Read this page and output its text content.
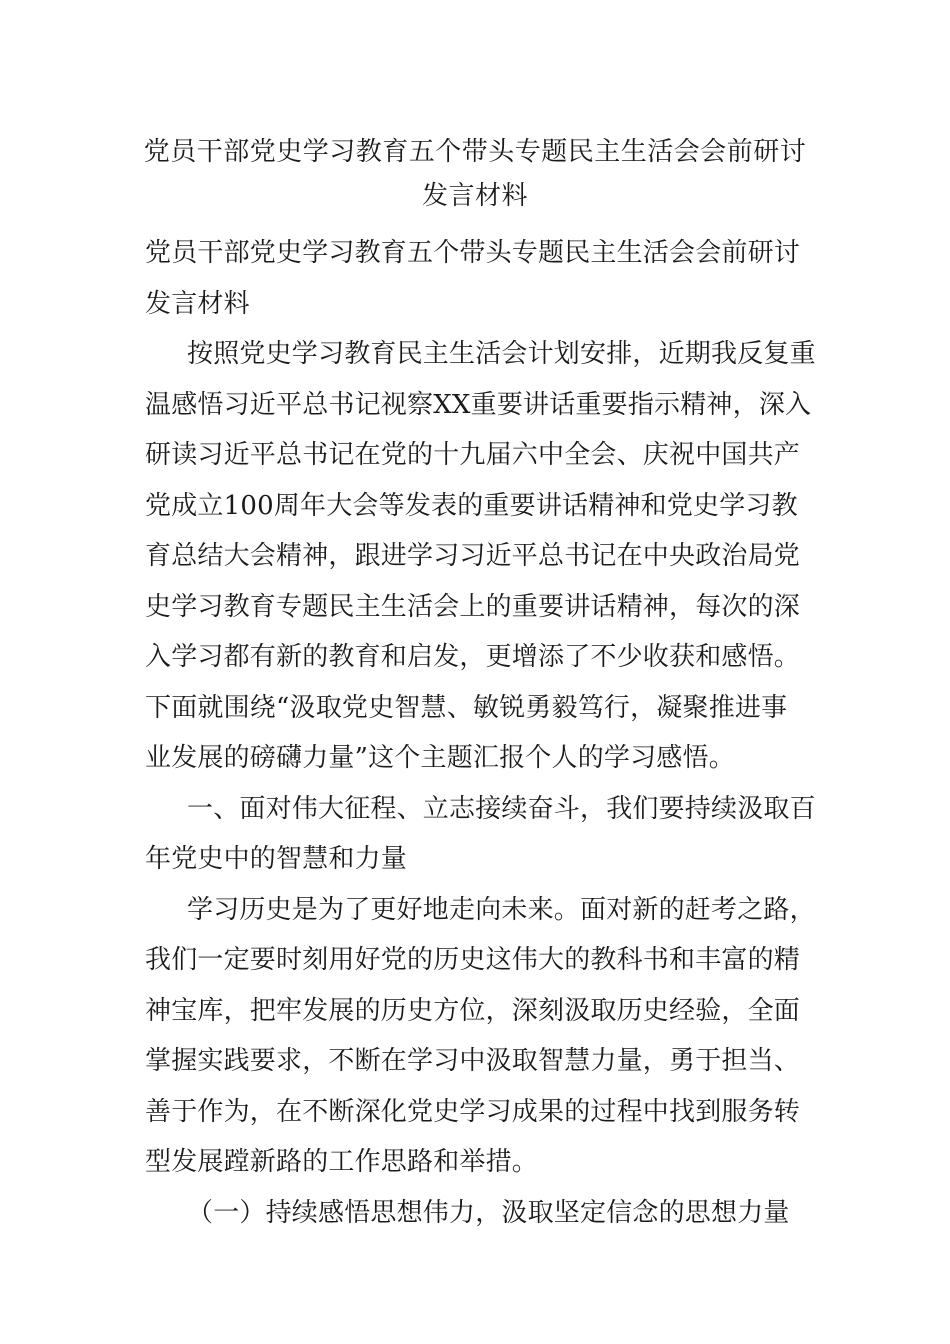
党员干部党史学习教育五个带头专题民主生活会会前研讨
发言材料
党员干部党史学习教育五个带头专题民主生活会会前研讨
发言材料
按照党史学习教育民主生活会计划安排，近期我反复重
温感悟习近平总书记视察XX重要讲话重要指示精神，深入
研读习近平总书记在党的十九届六中全会、庆祝中国共产
党成立100周年大会等发表的重要讲话精神和党史学习教
育总结大会精神，跟进学习习近平总书记在中央政治局党
史学习教育专题民主生活会上的重要讲话精神，每次的深
入学习都有新的教育和启发，更增添了不少收获和感悟。
下面就围绕“汲取党史智慧、敏锐勇毅笃行，凝聚推进事
业发展的磅礴力量”这个主题汇报个人的学习感悟。
一、面对伟大征程、立志接续奋斗，我们要持续汲取百
年党史中的智慧和力量
学习历史是为了更好地走向未来。面对新的赶考之路，
我们一定要时刻用好党的历史这伟大的教科书和丰富的精
神宝库，把牢发展的历史方位，深刻汲取历史经验，全面
掌握实践要求，不断在学习中汲取智慧力量，勇于担当、
善于作为，在不断深化党史学习成果的过程中找到服务转
型发展蹚新路的工作思路和举措。
（一）持续感悟思想伟力，汲取坚定信念的思想力量
